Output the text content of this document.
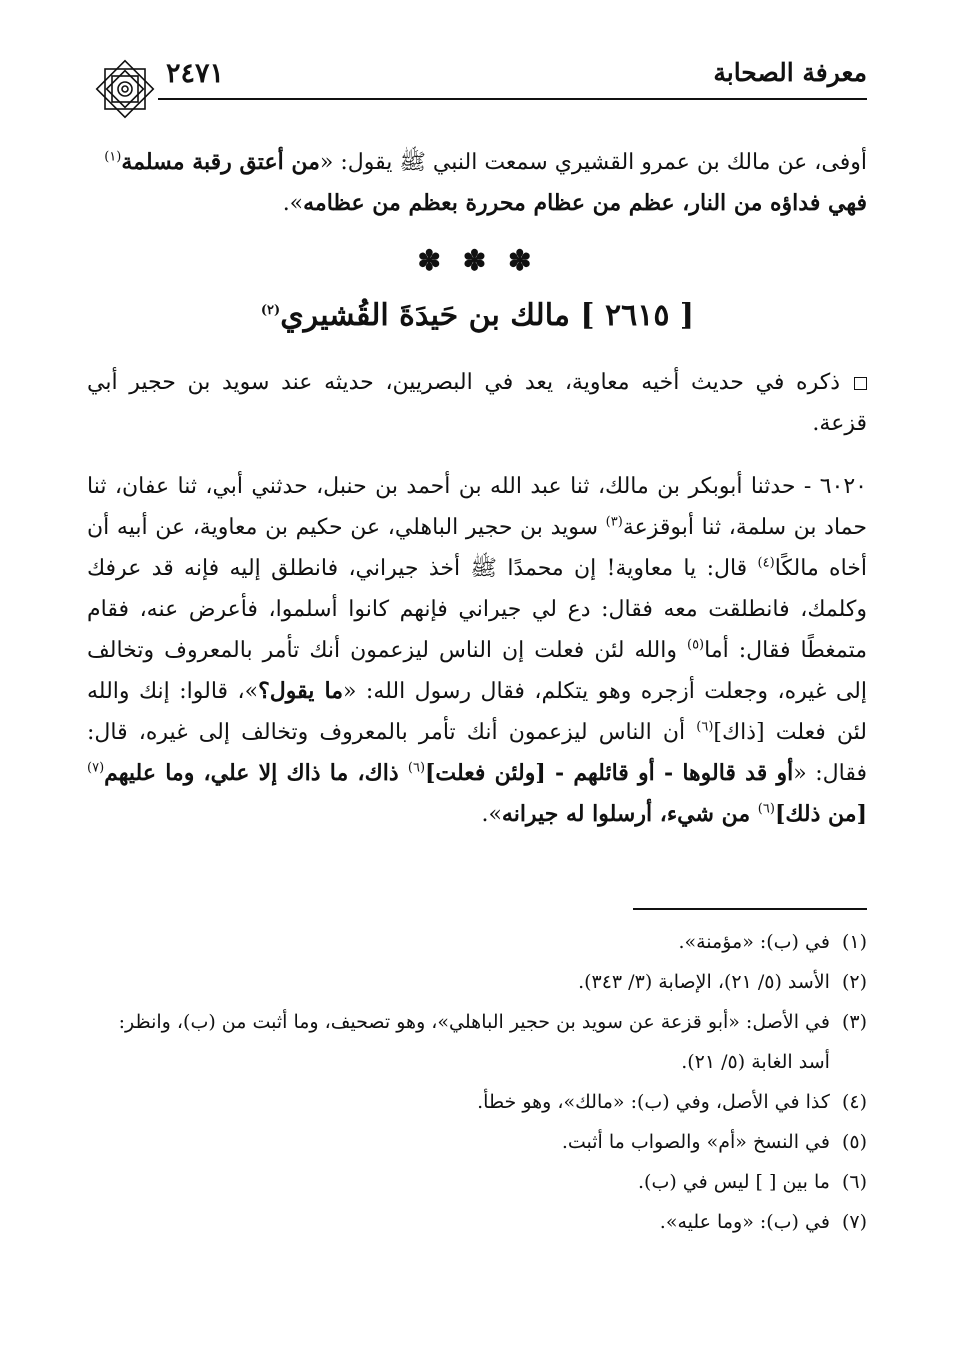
معرفة الصحابة
٢٤٧١
أوفى، عن مالك بن عمرو القشيري سمعت النبي ﷺ يقول: «من أعتق رقبة مسلمة$^{(١)}$
فهي فداؤه من النار، عظم من عظام محررة بعظم من عظامه».
✽ ✽ ✽
[ ٢٦١٥ ] مالك بن حَيدَةَ القُشيري$^{(٢)}$
ذكره في حديث أخيه معاوية، يعد في البصريين، حديثه عند سويد بن حجير أبي قزعة.
٦٠٢٠ - حدثنا أبوبكر بن مالك، ثنا عبد الله بن أحمد بن حنبل، حدثني أبي، ثنا عفان، ثنا حماد بن سلمة، ثنا أبوقزعة$^{(٣)}$ سويد بن حجير الباهلي، عن حكيم بن معاوية، عن أبيه أن أخاه مالكًا$^{(٤)}$ قال: يا معاوية! إن محمدًا ﷺ أخذ جيراني، فانطلق إليه فإنه قد عرفك وكلمك، فانطلقت معه فقال: دع لي جيراني فإنهم كانوا أسلموا، فأعرض عنه، فقام متمغطًا فقال: أما$^{(٥)}$ والله لئن فعلت إن الناس ليزعمون أنك تأمر بالمعروف وتخالف إلى غيره، وجعلت أزجره وهو يتكلم، فقال رسول الله: «ما يقول؟»، قالوا: إنك والله لئن فعلت [ذاك]$^{(٦)}$ أن الناس ليزعمون أنك تأمر بالمعروف وتخالف إلى غيره، قال: فقال: «أو قد قالوها - أو قائلهم - [ولئن فعلت]$^{(٦)}$ ذاك، ما ذاك إلا علي، وما عليهم$^{(٧)}$ [من ذلك]$^{(٦)}$ من شيء، أرسلوا له جيرانه».
(١)
في (ب): «مؤمنة».
(٢)
الأسد (٥/ ٢١)، الإصابة (٣/ ٣٤٣).
(٣)
في الأصل: «أبو قزعة عن سويد بن حجير الباهلي»، وهو تصحيف، وما أثبت من (ب)، وانظر: أسد الغابة (٥/ ٢١).
(٤)
كذا في الأصل، وفي (ب): «مالك»، وهو خطأ.
(٥)
في النسخ «أم» والصواب ما أثبت.
(٦)
ما بين [ ] ليس في (ب).
(٧)
في (ب): «وما عليه».
